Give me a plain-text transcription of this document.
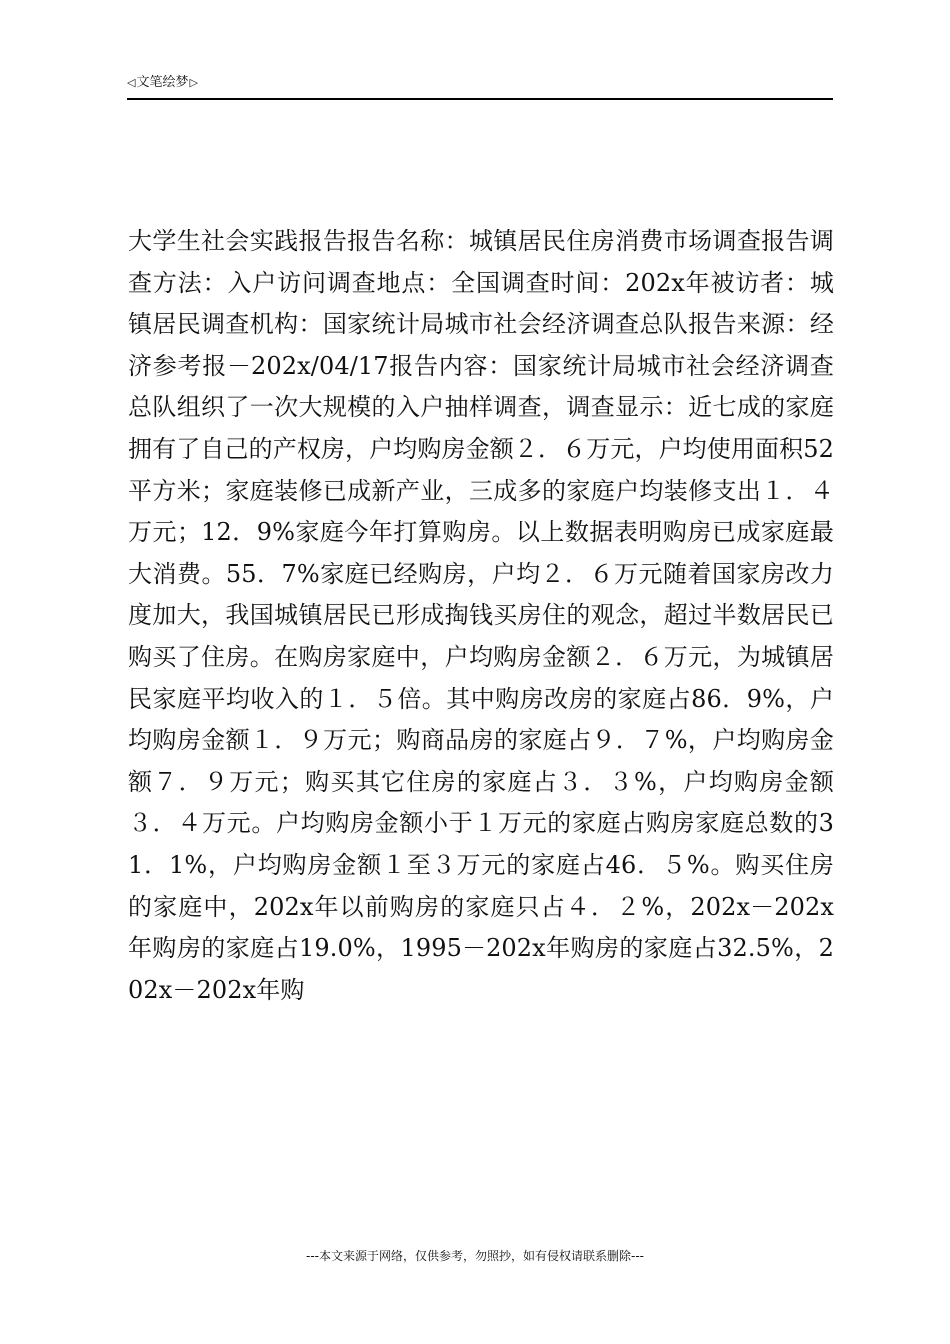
◁ 文笔绘梦 ▷

大学生社会实践报告报告名称：城镇居民住房消费市场调查报告调查方法：入户访问调查地点：全国调查时间：202x年被访者：城镇居民调查机构：国家统计局城市社会经济调查总队报告来源：经济参考报－202x/04/17报告内容：国家统计局城市社会经济调查总队组织了一次大规模的入户抽样调查，调查显示：近七成的家庭拥有了自己的产权房，户均购房金额２．６万元，户均使用面积52平方米；家庭装修已成新产业，三成多的家庭户均装修支出１．４万元；12．9%家庭今年打算购房。以上数据表明购房已成家庭最大消费。55．7%家庭已经购房，户均２．６万元随着国家房改力度加大，我国城镇居民已形成掏钱买房住的观念，超过半数居民已购买了住房。在购房家庭中，户均购房金额２．６万元，为城镇居民家庭平均收入的１．５倍。其中购房改房的家庭占86．9%，户均购房金额１．９万元；购商品房的家庭占９．７%，户均购房金额７．９万元；购买其它住房的家庭占３．３%，户均购房金额３．４万元。户均购房金额小于１万元的家庭占购房家庭总数的31．1%，户均购房金额１至３万元的家庭占46．５%。购买住房的家庭中，202x年以前购房的家庭只占４．２%，202x－202x年购房的家庭占19.0%，1995－202x年购房的家庭占32.5%，202x－202x年购

---本文来源于网络，仅供参考，勿照抄，如有侵权请联系删除---
